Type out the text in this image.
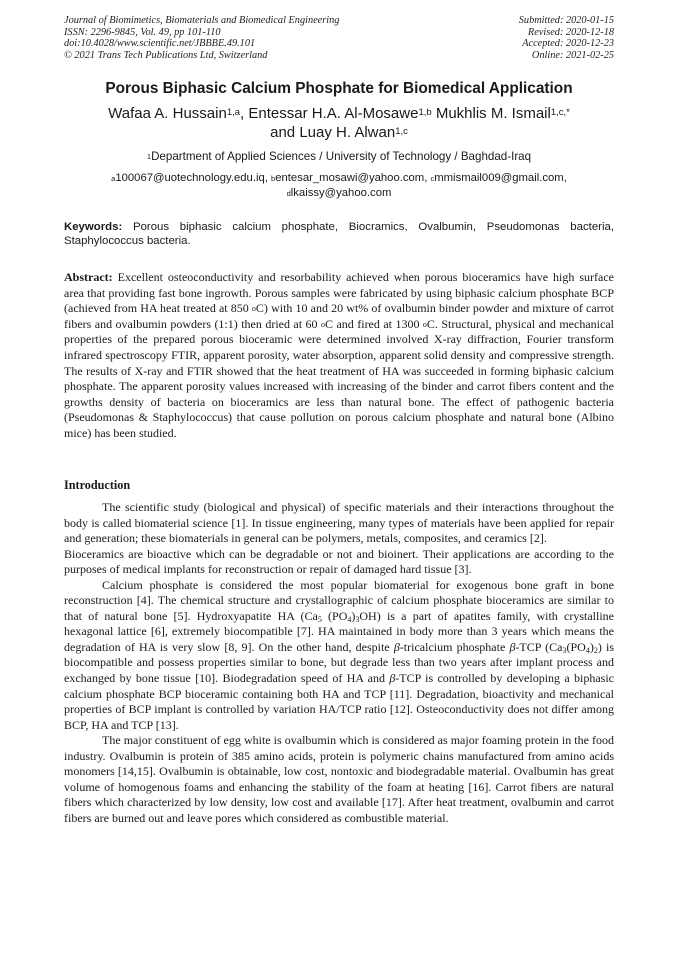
Journal of Biomimetics, Biomaterials and Biomedical Engineering
ISSN: 2296-9845, Vol. 49, pp 101-110
doi:10.4028/www.scientific.net/JBBBE.49.101
© 2021 Trans Tech Publications Ltd, Switzerland
Submitted: 2020-01-15
Revised: 2020-12-18
Accepted: 2020-12-23
Online: 2021-02-25
Porous Biphasic Calcium Phosphate for Biomedical Application
Wafaa A. Hussain$^{1,a}$, Entessar H.A. Al-Mosawe$^{1,b}$ Mukhlis M. Ismail$^{1,c,*}$
and Luay H. Alwan$^{1,c}$
$^1$Department of Applied Sciences / University of Technology / Baghdad-Iraq
$^a$100067@uotechnology.edu.iq, $^b$entesar_mosawi@yahoo.com, $^c$mmismail009@gmail.com,
$^d$lkaissy@yahoo.com
Keywords: Porous biphasic calcium phosphate, Biocramics, Ovalbumin, Pseudomonas bacteria, Staphylococcus bacteria.
Abstract: Excellent osteoconductivity and resorbability achieved when porous bioceramics have high surface area that providing fast bone ingrowth. Porous samples were fabricated by using biphasic calcium phosphate BCP (achieved from HA heat treated at 850 $^o$C) with 10 and 20 wt% of ovalbumin binder powder and mixture of carrot fibers and ovalbumin powders (1:1) then dried at 60 $^o$C and fired at 1300 $^o$C. Structural, physical and mechanical properties of the prepared porous bioceramic were determined involved X-ray diffraction, Fourier transform infrared spectroscopy FTIR, apparent porosity, water absorption, apparent solid density and compressive strength. The results of X-ray and FTIR showed that the heat treatment of HA was succeeded in forming biphasic calcium phosphate. The apparent porosity values increased with increasing of the binder and carrot fibers content and the growths density of bacteria on bioceramics are less than natural bone. The effect of pathogenic bacteria (Pseudomonas & Staphylococcus) that cause pollution on porous calcium phosphate and natural bone (Albino mice) has been studied.
Introduction

The scientific study (biological and physical) of specific materials and their interactions throughout the body is called biomaterial science [1]. In tissue engineering, many types of materials have been applied for repair and generation; these biomaterials in general can be polymers, metals, composites, and ceramics [2].

Bioceramics are bioactive which can be degradable or not and bioinert. Their applications are according to the purposes of medical implants for reconstruction or repair of damaged hard tissue [3].

Calcium phosphate is considered the most popular biomaterial for exogenous bone graft in bone reconstruction [4]. The chemical structure and crystallographic of calcium phosphate bioceramics are similar to that of natural bone [5]. Hydroxyapatite HA ($Ca_5$ $(PO_4)_3OH$) is a part of apatites family, with crystalline hexagonal lattice [6], extremely biocompatible [7]. HA maintained in body more than 3 years which means the degradation of HA is very slow [8, 9]. On the other hand, despite β-tricalcium phosphate β-TCP $(Ca_3(PO_4)_2)$ is biocompatible and possess properties similar to bone, but degrade less than two years after implant process and exchanged by bone tissue [10]. Biodegradation speed of HA and β-TCP is controlled by developing a biphasic calcium phosphate BCP bioceramic containing both HA and TCP [11]. Degradation, bioactivity and mechanical properties of BCP implant is controlled by variation HA/TCP ratio [12]. Osteoconductivity does not differ among BCP, HA and TCP [13].

The major constituent of egg white is ovalbumin which is considered as major foaming protein in the food industry. Ovalbumin is protein of 385 amino acids, protein is polymeric chains manufactured from amino acids monomers [14,15]. Ovalbumin is obtainable, low cost, nontoxic and biodegradable material. Ovalbumin has great volume of homogenous foams and enhancing the stability of the foam at heating [16]. Carrot fibers are natural fibers which characterized by low density, low cost and available [17]. After heat treatment, ovalbumin and carrot fibers are burned out and leave pores which considered as combustible material.
